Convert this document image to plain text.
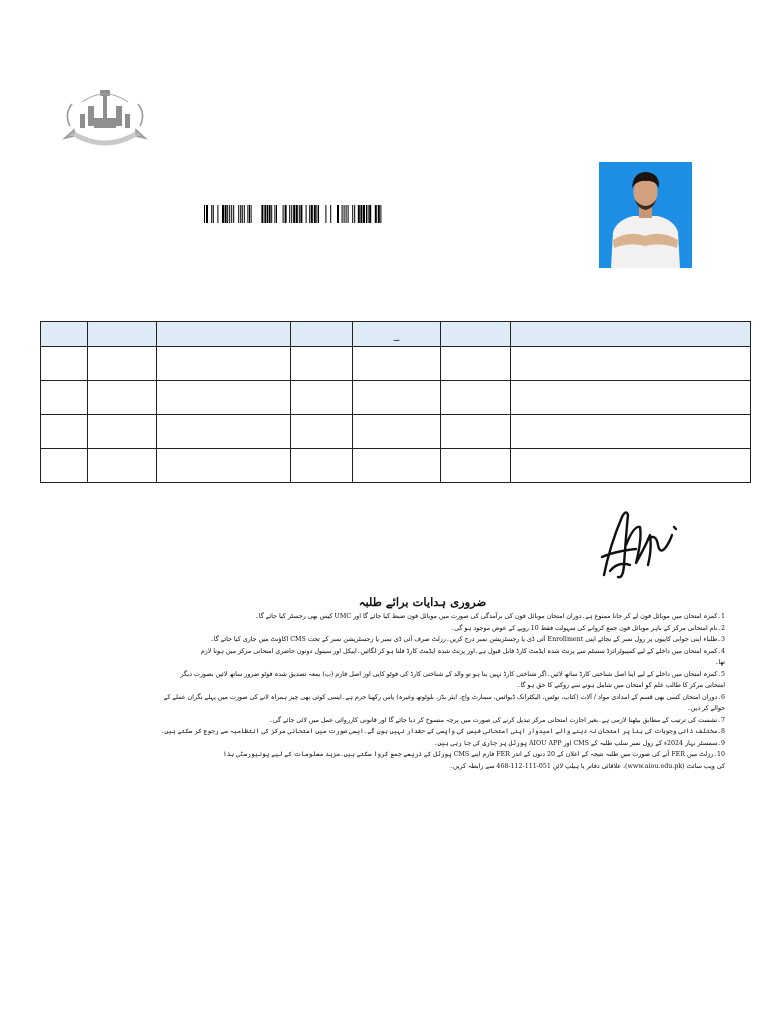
				_		

ضروری ہدایات برائے طلبہ
1۔کمرہ امتحان میں موبائل فون لے کر جانا ممنوع ہے۔دوران امتحان موبائل فون کی برآمدگی کی صورت میں موبائل فون ضبط کیا جائے گا اور UMC کیس بھی رجسٹر کیا جائے گا۔
2۔نام امتحانی مرکز کے باہر موبائل فون جمع کروانے کی سہولت فقط 10 روپے کے عوض موجود ہو گی۔
3۔طلباء اپنی جوابی کاپیوں پر رول نمبر کے بجائے اپنی Enrollment آئی ڈی یا رجسٹریشن نمبر درج کریں۔رزلٹ صرف آئی ڈی نمبر یا رجسٹریشن نمبر کے تحت CMS اکاؤنٹ میں جاری کیا جائے گا۔
4۔کمرہ امتحان میں داخلے کے لیے کمپیوٹرائزڈ سسٹم سے پرنٹ شدہ ایڈمٹ کارڈ قابل قبول ہے۔اور پرنٹ شدہ ایڈمٹ کارڈ فلنا ہو کر لگائیں۔اپیکل اور سینول دونوں حاضری امتحانی مرکز میں ہونا لازم
تھا۔
5۔کمرہ امتحان میں داخلے کے لیے اپنا اصل شناختی کارڈ ساتھ لائیں۔اگر شناختی کارڈ نہیں بنا ہو تو والد کے شناختی کارڈ کی فوٹو کاپی اور اصل فارم (ب) بمعہ تصدیق شدہ فوٹو ضرور ساتھ لائیں بصورت دیگر
امتحانی مرکز کا طالب علم کو امتحان میں شامل ہونے سے روکنے کا حق ہو گا۔
6۔دوران امتحان کسی بھی قسم کے امدادی مواد / آلات (کتاب، نوٹس، الیکٹرانک ڈیوائس، سمارٹ واچ، ایئر بڈز، بلوٹوتھ وغیرہ) پاس رکھنا جرم ہے۔ایسی کوئی بھی چیز ہمراہ لانے کی صورت میں پہلے نگران عملے کے
حوالے کر دیں۔
7۔نشست کی ترتیب کے مطابق بیٹھنا لازمی ہے۔بغیر اجازت امتحانی مرکز تبدیل کرنے کی صورت میں پرچہ منسوخ کر دیا جائے گا اور قانونی کارروائی عمل میں لائی جائے گی۔
8۔مختلف ذاتی وجوہات کی بنا پر امتحان نہ دینے والے امیدوار اپنی امتحانی فیس کی واپسی کے حقدار نہیں ہوں گے۔ایسی صورت میں امتحانی مرکز کی انتظامیہ سے رجوع کر سکتے ہیں۔
9۔سمسٹر بہار 2024ء کے رول نمبر سلپ طلبہ کے CMS اور AIOU APP پورٹل پر جاری کی جا رہی ہیں۔
10۔رزلٹ میں FER آنے کی صورت میں طلبہ نتیجہ کے اعلان کے 20 دنوں کے اندر FER فارم اپنے CMS پورٹل کے ذریعے جمع کروا سکتے ہیں۔مزید معلومات کے لیے یونیورسٹی ہذا
کی ویب سائٹ (www.aiou.edu.pk)، علاقائی دفاتر یا ہیلپ لائن 051-111-112-468 سے رابطہ کریں۔
